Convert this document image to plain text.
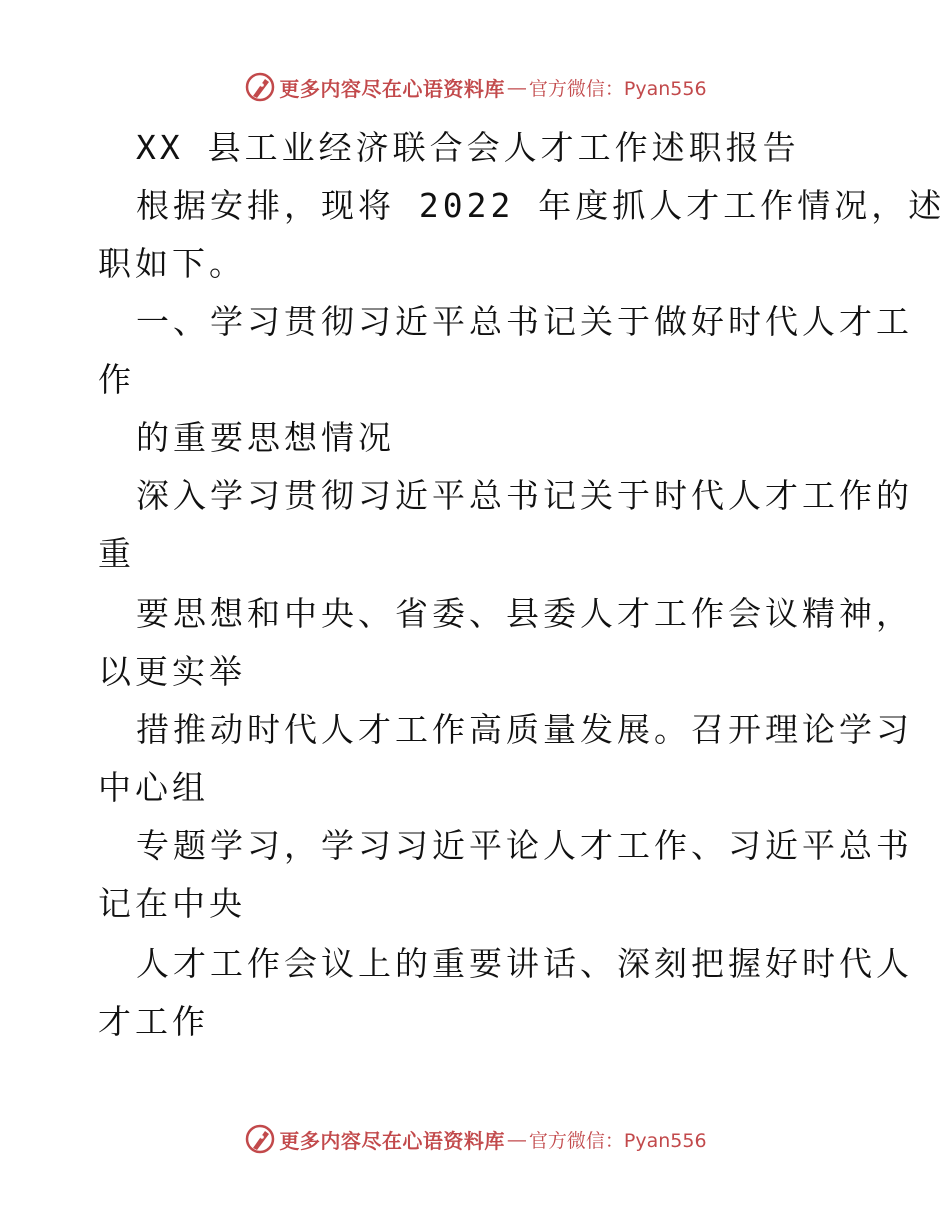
更多内容尽在心语资料库 — 官方微信：Pyan556
XX 县工业经济联合会人才工作述职报告
根据安排，现将 2022 年度抓人才工作情况，述
职如下。
一、学习贯彻习近平总书记关于做好时代人才工
作
的重要思想情况
深入学习贯彻习近平总书记关于时代人才工作的
重
要思想和中央、省委、县委人才工作会议精神，
以更实举
措推动时代人才工作高质量发展。召开理论学习
中心组
专题学习，学习习近平论人才工作、习近平总书
记在中央
人才工作会议上的重要讲话、深刻把握好时代人
才工作
更多内容尽在心语资料库 — 官方微信：Pyan556
